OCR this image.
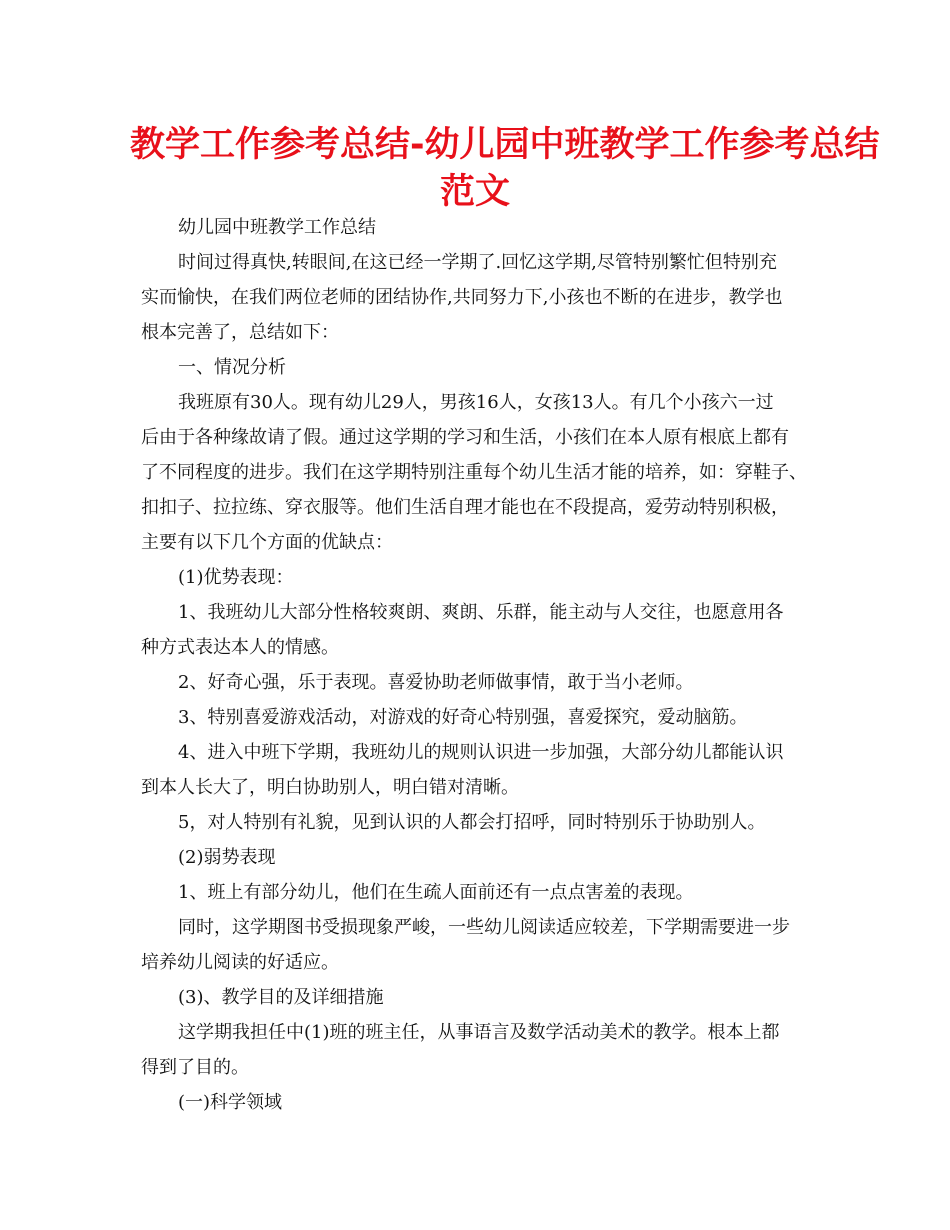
教学工作参考总结-幼儿园中班教学工作参考总结
范文
幼儿园中班教学工作总结
时间过得真快,转眼间,在这已经一学期了.回忆这学期,尽管特别繁忙但特别充
实而愉快，在我们两位老师的团结协作,共同努力下,小孩也不断的在进步，教学也
根本完善了，总结如下：
一、情况分析
我班原有30人。现有幼儿29人，男孩16人，女孩13人。有几个小孩六一过
后由于各种缘故请了假。通过这学期的学习和生活，小孩们在本人原有根底上都有
了不同程度的进步。我们在这学期特别注重每个幼儿生活才能的培养，如：穿鞋子、
扣扣子、拉拉练、穿衣服等。他们生活自理才能也在不段提高，爱劳动特别积极，
主要有以下几个方面的优缺点：
(1)优势表现：
1、我班幼儿大部分性格较爽朗、爽朗、乐群，能主动与人交往，也愿意用各
种方式表达本人的情感。
2、好奇心强，乐于表现。喜爱协助老师做事情，敢于当小老师。
3、特别喜爱游戏活动，对游戏的好奇心特别强，喜爱探究，爱动脑筋。
4、进入中班下学期，我班幼儿的规则认识进一步加强，大部分幼儿都能认识
到本人长大了，明白协助别人，明白错对清晰。
5，对人特别有礼貌，见到认识的人都会打招呼，同时特别乐于协助别人。
(2)弱势表现
1、班上有部分幼儿，他们在生疏人面前还有一点点害羞的表现。
同时，这学期图书受损现象严峻，一些幼儿阅读适应较差，下学期需要进一步
培养幼儿阅读的好适应。
(3)、教学目的及详细措施
这学期我担任中(1)班的班主任，从事语言及数学活动美术的教学。根本上都
得到了目的。
(一)科学领域
